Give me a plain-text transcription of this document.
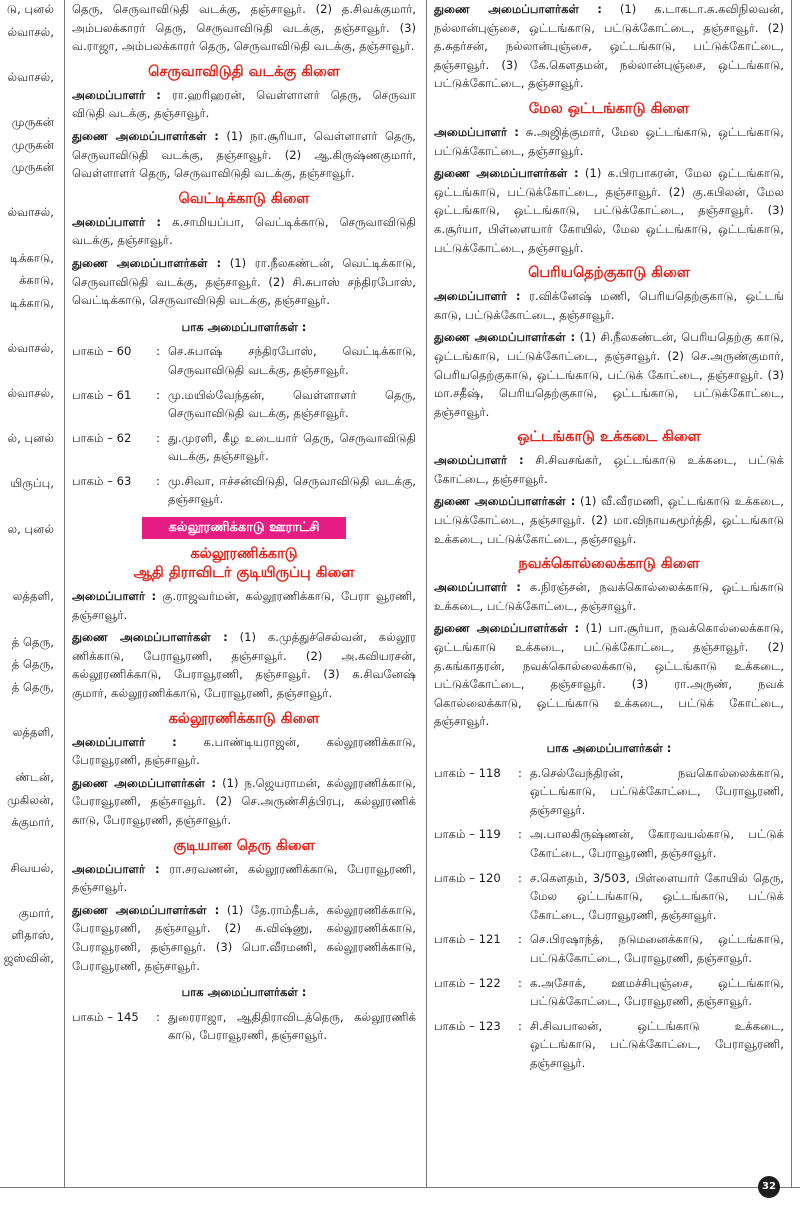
டு, புனல்

ல்வாசல்,

ல்வாசல்,

முருகன்

முருகன்

முருகன்

ல்வாசல்,

டிக்காடு,

க்காடு,

டிக்காடு,

ல்வாசல்,

ல்வாசல்,

ல், புனல்

யிருப்பு,

ல, புனல்

லத்தளி,

த் தெரு,

த் தெரு,

த் தெரு,

லத்தளி,

ண்டன்,

முகிலன்,

க்குமார்,

சிவயல்,

குமார்,

ளிதாஸ்,

ஜஸ்வின்,

தெரு, செருவாவிடுதி வடக்கு, தஞ்சாவூர். (2) த.சிவக்குமார், அம்பலக்காரர் தெரு, செருவாவிடுதி வடக்கு, தஞ்சாவூர். (3) வ.ராஜா, அம்பலக்காரர் தெரு, செருவாவிடுதி வடக்கு, தஞ்சாவூர்.

செருவாவிடுதி வடக்கு கிளை

அமைப்பாளர் : ரா.ஹரிஹரன், வெள்ளாளர் தெரு, செருவா விடுதி வடக்கு, தஞ்சாவூர்.

துணை அமைப்பாளர்கள் : (1) நா.சூரியா, வெள்ளாளர் தெரு, செருவாவிடுதி வடக்கு, தஞ்சாவூர். (2) ஆ.கிருஷ்ணகுமார், வெள்ளாளர் தெரு, செருவாவிடுதி வடக்கு, தஞ்சாவூர்.

வெட்டிக்காடு கிளை

அமைப்பாளர் : க.சாமியப்பா, வெட்டிக்காடு, செருவாவிடுதி வடக்கு, தஞ்சாவூர்.

துணை அமைப்பாளர்கள் : (1) ரா.நீலகண்டன், வெட்டிக்காடு, செருவாவிடுதி வடக்கு, தஞ்சாவூர். (2) சி.சுபாஸ் சந்திரபோஸ், வெட்டிக்காடு, செருவாவிடுதி வடக்கு, தஞ்சாவூர்.

பாக அமைப்பாளர்கள் :
பாகம் – 60	: செ.சுபாஷ் சந்திரபோஸ், வெட்டிக்காடு, செருவாவிடுதி வடக்கு, தஞ்சாவூர்.
பாகம் – 61	: மு.மயில்வேந்தன், வெள்ளாளர் தெரு, செருவாவிடுதி வடக்கு, தஞ்சாவூர்.
பாகம் – 62	: து.முரளி, கீழ உடையார் தெரு, செருவாவிடுதி வடக்கு, தஞ்சாவூர்.
பாகம் – 63	: மு.சிவா, ஈச்சன்விடுதி, செருவாவிடுதி வடக்கு, தஞ்சாவூர்.
கல்லூரணிக்காடு ஊராட்சி
கல்லூரணிக்காடு
ஆதி திராவிடர் குடியிருப்பு கிளை

அமைப்பாளர் : கு.ராஜவர்மன், கல்லூரணிக்காடு, பேரா வூரணி, தஞ்சாவூர்.

துணை அமைப்பாளர்கள் : (1) க.முத்துச்செல்வன், கல்லூர ணிக்காடு, பேராவூரணி, தஞ்சாவூர். (2) அ.கவியரசன், கல்லூரணிக்காடு, பேராவூரணி, தஞ்சாவூர். (3) க.சிவனேஷ் குமார், கல்லூரணிக்காடு, பேராவூரணி, தஞ்சாவூர்.

கல்லூரணிக்காடு கிளை

அமைப்பாளர் : க.பாண்டியராஜன், கல்லூரணிக்காடு, பேராவூரணி, தஞ்சாவூர்.

துணை அமைப்பாளர்கள் : (1) ந.ஜெயராமன், கல்லூரணிக்காடு, பேராவூரணி, தஞ்சாவூர். (2) செ.அருண்சித்பிரபு, கல்லூரணிக் காடு, பேராவூரணி, தஞ்சாவூர்.

குடியான தெரு கிளை

அமைப்பாளர் : ரா.சரவணன், கல்லூரணிக்காடு, பேராவூரணி, தஞ்சாவூர்.

துணை அமைப்பாளர்கள் : (1) தே.ராம்தீபக், கல்லூரணிக்காடு, பேராவூரணி, தஞ்சாவூர். (2) க.விஷ்ணு, கல்லூரணிக்காடு, பேராவூரணி, தஞ்சாவூர். (3) பொ.வீரமணி, கல்லூரணிக்காடு, பேராவூரணி, தஞ்சாவூர்.

பாக அமைப்பாளர்கள் :
பாகம் – 145	: துரைராஜா, ஆதிதிராவிடத்தெரு, கல்லூரணிக் காடு, பேராவூரணி, தஞ்சாவூர்.

துணை அமைப்பாளர்கள் : (1) க.டாகடா.க.கவிநிலவன், நல்லான்புஞ்சை, ஒட்டங்காடு, பட்டுக்கோட்டை, தஞ்சாவூர். (2) த.சுதர்சன், நல்லான்புஞ்சை, ஒட்டங்காடு, பட்டுக்கோட்டை, தஞ்சாவூர். (3) கே.கௌதமன், நல்லான்புஞ்சை, ஒட்டங்காடு, பட்டுக்கோட்டை, தஞ்சாவூர்.

மேல ஒட்டங்காடு கிளை

அமைப்பாளர் : சு.அஜித்குமார், மேல ஒட்டங்காடு, ஒட்டங்காடு, பட்டுக்கோட்டை, தஞ்சாவூர்.

துணை அமைப்பாளர்கள் : (1) க.பிரபாகரன், மேல ஒட்டங்காடு, ஒட்டங்காடு, பட்டுக்கோட்டை, தஞ்சாவூர். (2) கு.கபிலன், மேல ஒட்டங்காடு, ஒட்டங்காடு, பட்டுக்கோட்டை, தஞ்சாவூர். (3) க.சூர்யா, பிள்ளையார் கோயில், மேல ஒட்டங்காடு, ஒட்டங்காடு, பட்டுக்கோட்டை, தஞ்சாவூர்.

பெரியதெற்குகாடு கிளை

அமைப்பாளர் : ர.விக்னேஷ் மணி, பெரியதெற்குகாடு, ஒட்டங் காடு, பட்டுக்கோட்டை, தஞ்சாவூர்.

துணை அமைப்பாளர்கள் : (1) சி.நீலகண்டன், பெரியதெற்கு காடு, ஒட்டங்காடு, பட்டுக்கோட்டை, தஞ்சாவூர். (2) செ.அருண்குமார், பெரியதெற்குகாடு, ஒட்டங்காடு, பட்டுக் கோட்டை, தஞ்சாவூர். (3) மா.சதீஷ், பெரியதெற்குகாடு, ஒட்டங்காடு, பட்டுக்கோட்டை, தஞ்சாவூர்.

ஒட்டங்காடு உக்கடை கிளை

அமைப்பாளர் : சி.சிவசங்கர், ஒட்டங்காடு உக்கடை, பட்டுக் கோட்டை, தஞ்சாவூர்.

துணை அமைப்பாளர்கள் : (1) வீ.வீரமணி, ஒட்டங்காடு உக்கடை, பட்டுக்கோட்டை, தஞ்சாவூர். (2) மா.விநாயகமூர்த்தி, ஒட்டங்காடு உக்கடை, பட்டுக்கோட்டை, தஞ்சாவூர்.

நவக்கொல்லைக்காடு கிளை

அமைப்பாளர் : க.நிரஞ்சன், நவக்கொல்லைக்காடு, ஒட்டங்காடு உக்கடை, பட்டுக்கோட்டை, தஞ்சாவூர்.

துணை அமைப்பாளர்கள் : (1) பா.சூர்யா, நவக்கொல்லைக்காடு, ஒட்டங்காடு உக்கடை, பட்டுக்கோட்டை, தஞ்சாவூர். (2) த.கங்காதரன், நவக்கொல்லைக்காடு, ஒட்டங்காடு உக்கடை, பட்டுக்கோட்டை, தஞ்சாவூர். (3) ரா.அருண், நவக் கொல்லைக்காடு, ஒட்டங்காடு உக்கடை, பட்டுக் கோட்டை, தஞ்சாவூர்.

பாக அமைப்பாளர்கள் :
பாகம் – 118	: த.செல்வேந்திரன், நவகொல்லைக்காடு, ஒட்டங்காடு, பட்டுக்கோட்டை, பேராவூரணி, தஞ்சாவூர்.
பாகம் – 119	: அ.பாலகிருஷ்ணன், கோரவயல்காடு, பட்டுக் கோட்டை, பேராவூரணி, தஞ்சாவூர்.
பாகம் – 120	: ச.கௌதம், 3/503, பிள்ளையார் கோயில் தெரு, மேல ஒட்டங்காடு, ஒட்டங்காடு, பட்டுக் கோட்டை, பேராவூரணி, தஞ்சாவூர்.
பாகம் – 121	: செ.பிரஷாந்த், நடுமனைக்காடு, ஒட்டங்காடு, பட்டுக்கோட்டை, பேராவூரணி, தஞ்சாவூர்.
பாகம் – 122	: க.அசோக், ஊமச்சிபுஞ்சை, ஒட்டங்காடு, பட்டுக்கோட்டை, பேராவூரணி, தஞ்சாவூர்.
பாகம் – 123	: சி.சிவபாலன், ஒட்டங்காடு உக்கடை, ஒட்டங்காடு, பட்டுக்கோட்டை, பேராவூரணி, தஞ்சாவூர்.
32
